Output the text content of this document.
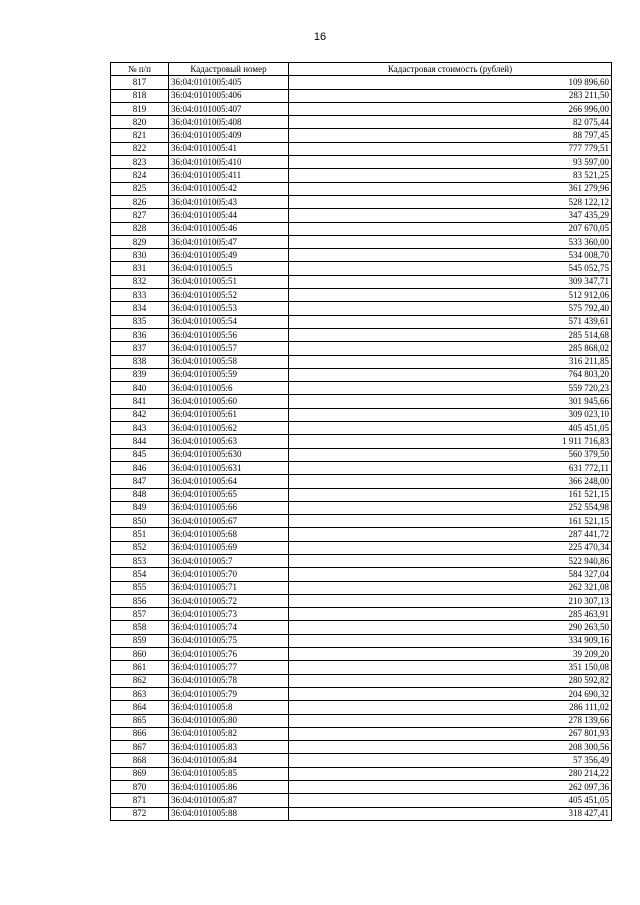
16
№ п/п	Кадастровый номер	Кадастровая стоимость (рублей)
817	36:04:0101005:405	109 896,60
818	36:04:0101005:406	283 211,50
819	36:04:0101005:407	266 996,00
820	36:04:0101005:408	82 075,44
821	36:04:0101005:409	88 797,45
822	36:04:0101005:41	777 779,51
823	36:04:0101005:410	93 597,00
824	36:04:0101005:411	83 521,25
825	36:04:0101005:42	361 279,96
826	36:04:0101005:43	528 122,12
827	36:04:0101005:44	347 435,29
828	36:04:0101005:46	207 670,05
829	36:04:0101005:47	533 360,00
830	36:04:0101005:49	534 008,70
831	36:04:0101005:5	545 052,75
832	36:04:0101005:51	309 347,71
833	36:04:0101005:52	512 912,06
834	36:04:0101005:53	575 792,40
835	36:04:0101005:54	571 439,61
836	36:04:0101005:56	285 514,68
837	36:04:0101005:57	285 868,02
838	36:04:0101005:58	316 211,85
839	36:04:0101005:59	764 803,20
840	36:04:0101005:6	559 720,23
841	36:04:0101005:60	301 945,66
842	36:04:0101005:61	309 023,10
843	36:04:0101005:62	405 451,05
844	36:04:0101005:63	1 911 716,83
845	36:04:0101005:630	560 379,50
846	36:04:0101005:631	631 772,11
847	36:04:0101005:64	366 248,00
848	36:04:0101005:65	161 521,15
849	36:04:0101005:66	252 554,98
850	36:04:0101005:67	161 521,15
851	36:04:0101005:68	287 441,72
852	36:04:0101005:69	225 470,34
853	36:04:0101005:7	522 940,86
854	36:04:0101005:70	584 327,04
855	36:04:0101005:71	262 321,08
856	36:04:0101005:72	210 307,13
857	36:04:0101005:73	285 463,91
858	36:04:0101005:74	290 263,50
859	36:04:0101005:75	334 909,16
860	36:04:0101005:76	39 209,20
861	36:04:0101005:77	351 150,08
862	36:04:0101005:78	280 592,82
863	36:04:0101005:79	204 690,32
864	36:04:0101005:8	286 111,02
865	36:04:0101005:80	278 139,66
866	36:04:0101005:82	267 801,93
867	36:04:0101005:83	208 300,56
868	36:04:0101005:84	57 356,49
869	36:04:0101005:85	280 214,22
870	36:04:0101005:86	262 097,36
871	36:04:0101005:87	405 451,05
872	36:04:0101005:88	318 427,41
